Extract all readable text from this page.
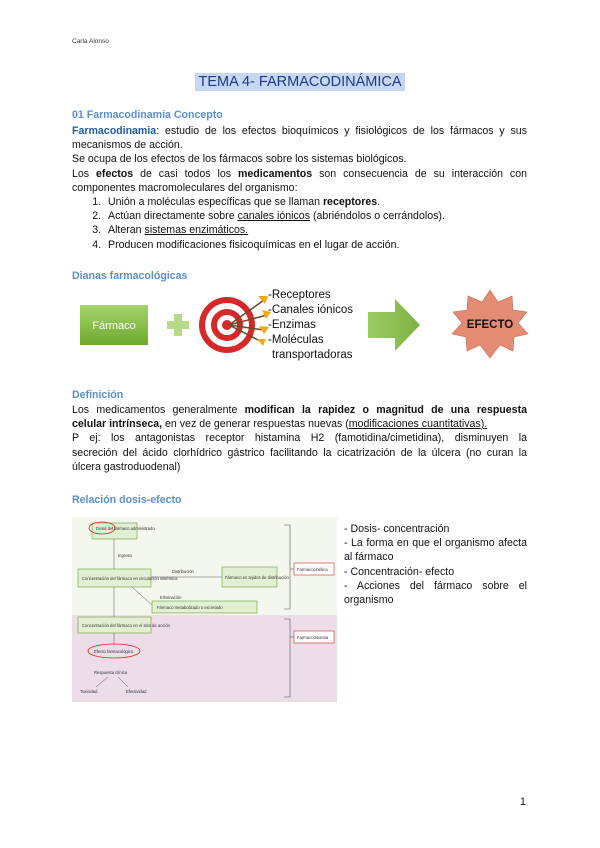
Carla Alonso
TEMA 4- FARMACODINÁMICA
01 Farmacodinamia Concepto
Farmacodinamia: estudio de los efectos bioquímicos y fisiológicos de los fármacos y sus
mecanismos de acción.
Se ocupa de los efectos de los fármacos sobre los sistemas biológicos.
Los efectos de casi todos los medicamentos son consecuencia de su interacción con
componentes macromoleculares del organismo:
1. Unión a moléculas específicas que se llaman receptores.
2. Actúan directamente sobre canales iónicos (abriéndolos o cerrándolos).
3. Alteran sistemas enzimáticos.
4. Producen modificaciones fisicoquímicas en el lugar de acción.
Dianas farmacológicas
Fármaco
-Receptores -Canales iónicos -Enzimas -Moléculas transportadoras
EFECTO
Definición
Los medicamentos generalmente modifican la rapidez o magnitud de una respuesta
celular intrínseca, en vez de generar respuestas nuevas (modificaciones cuantitativas).
P ej: los antagonistas receptor histamina H2 (famotidina/cimetidina), disminuyen la
secreción del ácido clorhídrico gástrico facilitando la cicatrización de la úlcera (no curan la
úlcera gastroduodenal)
Relación dosis-efecto
Dosis del fármaco administrado
Ingreso
Concentración del fármaco en circulación sistémica
Distribución
Fármaco en tejidos de distribución
Eliminación
Fármaco metabolizado o excretado
Concentración del fármaco en el sitio de acción
Efecto farmacológico
Respuesta clínica
Toxicidad	Efectividad
Farmacocinética
Farmacodinamia
- Dosis- concentración
- La forma en que el organismo afecta al fármaco
- Concentración- efecto
- Acciones del fármaco sobre el organismo
1
